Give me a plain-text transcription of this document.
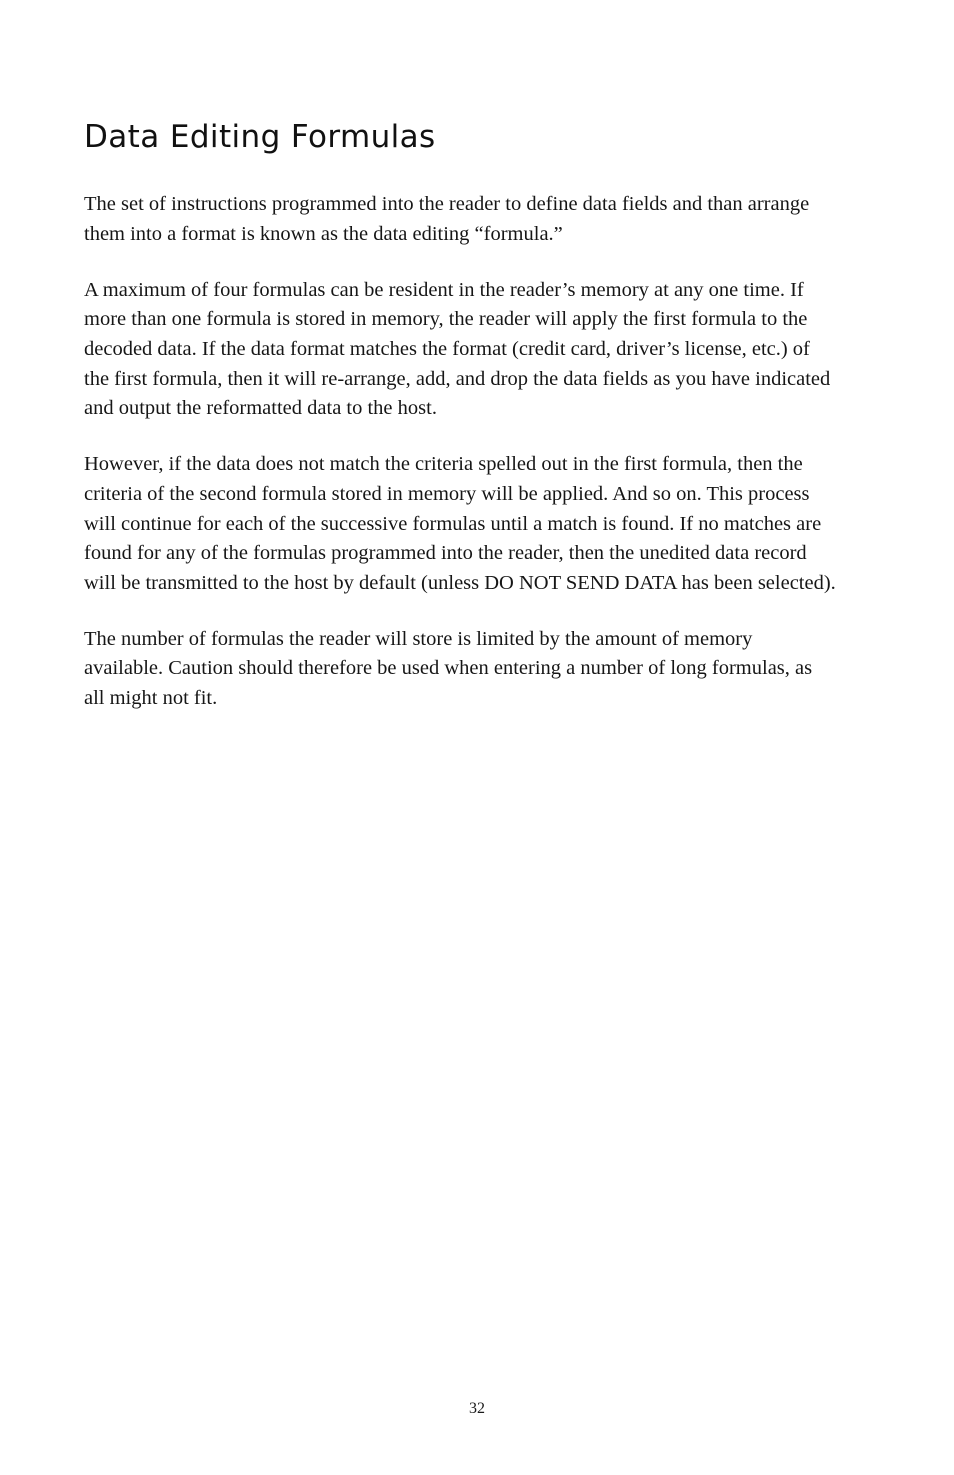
Data Editing Formulas

The set of instructions programmed into the reader to define data fields and than arrange them into a format is known as the data editing “formula.”

A maximum of four formulas can be resident in the reader’s memory at any one time. If more than one formula is stored in memory, the reader will apply the first formula to the decoded data. If the data format matches the format (credit card, driver’s license, etc.) of the first formula, then it will re-arrange, add, and drop the data fields as you have indicated and output the reformatted data to the host.

However, if the data does not match the criteria spelled out in the first formula, then the criteria of the second formula stored in memory will be applied. And so on. This process will continue for each of the successive formulas until a match is found. If no matches are found for any of the formulas programmed into the reader, then the unedited data record will be transmitted to the host by default (unless DO NOT SEND DATA has been selected).

The number of formulas the reader will store is limited by the amount of memory available. Caution should therefore be used when entering a number of long formulas, as all might not fit.

32
